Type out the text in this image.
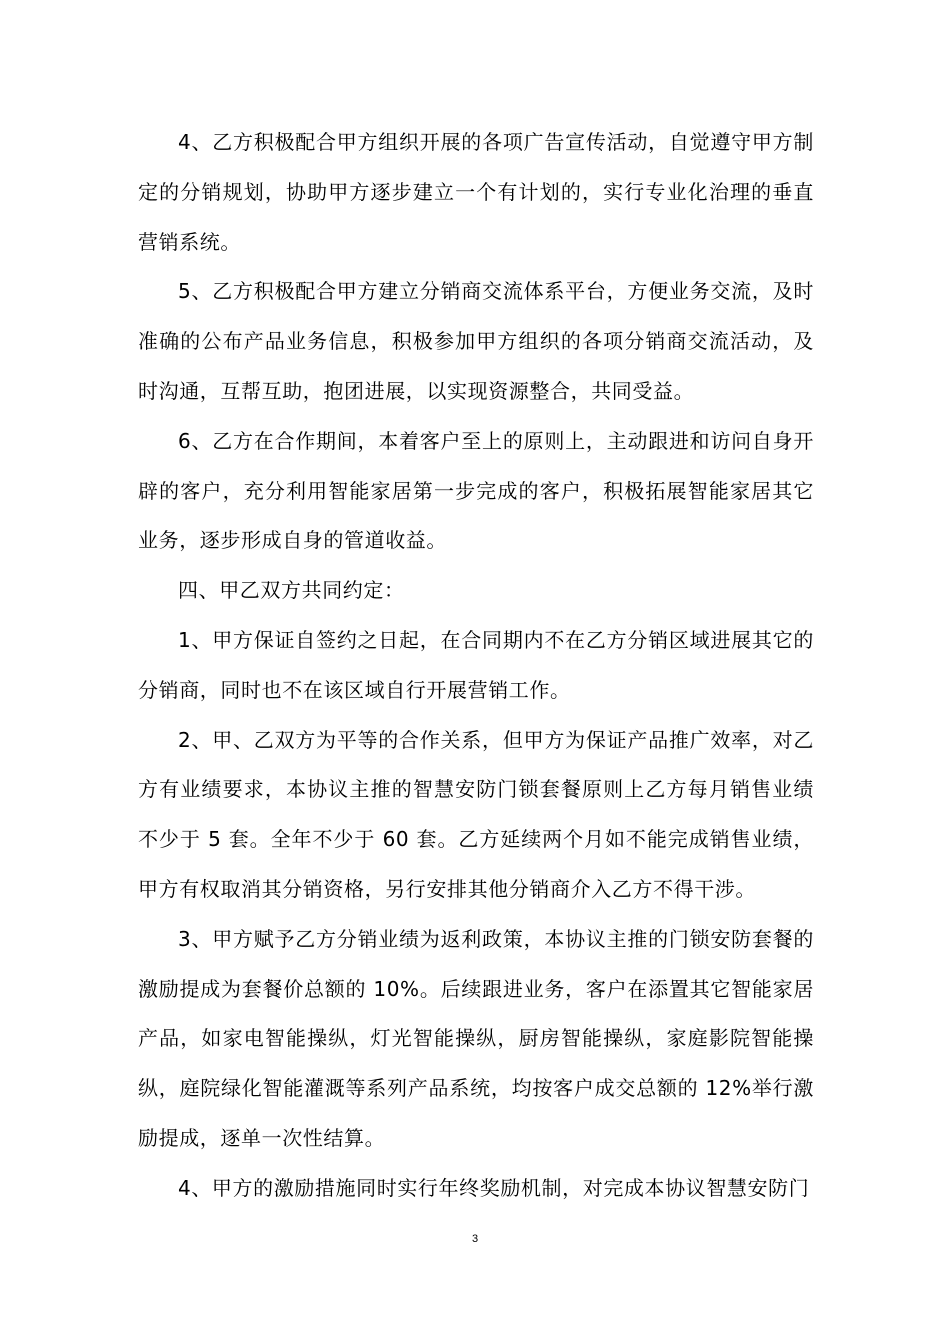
4、乙方积极配合甲方组织开展的各项广告宣传活动，自觉遵守甲方制定的分销规划，协助甲方逐步建立一个有计划的，实行专业化治理的垂直营销系统。

5、乙方积极配合甲方建立分销商交流体系平台，方便业务交流，及时准确的公布产品业务信息，积极参加甲方组织的各项分销商交流活动，及时沟通，互帮互助，抱团进展，以实现资源整合，共同受益。

6、乙方在合作期间，本着客户至上的原则上，主动跟进和访问自身开辟的客户，充分利用智能家居第一步完成的客户，积极拓展智能家居其它业务，逐步形成自身的管道收益。

四、甲乙双方共同约定：

1、甲方保证自签约之日起，在合同期内不在乙方分销区域进展其它的分销商，同时也不在该区域自行开展营销工作。

2、甲、乙双方为平等的合作关系，但甲方为保证产品推广效率，对乙方有业绩要求，本协议主推的智慧安防门锁套餐原则上乙方每月销售业绩不少于 5 套。全年不少于 60 套。乙方延续两个月如不能完成销售业绩，甲方有权取消其分销资格，另行安排其他分销商介入乙方不得干涉。

3、甲方赋予乙方分销业绩为返利政策，本协议主推的门锁安防套餐的激励提成为套餐价总额的 10%。后续跟进业务，客户在添置其它智能家居产品，如家电智能操纵，灯光智能操纵，厨房智能操纵，家庭影院智能操纵，庭院绿化智能灌溉等系列产品系统，均按客户成交总额的 12%举行激励提成，逐单一次性结算。

4、甲方的激励措施同时实行年终奖励机制，对完成本协议智慧安防门

3
